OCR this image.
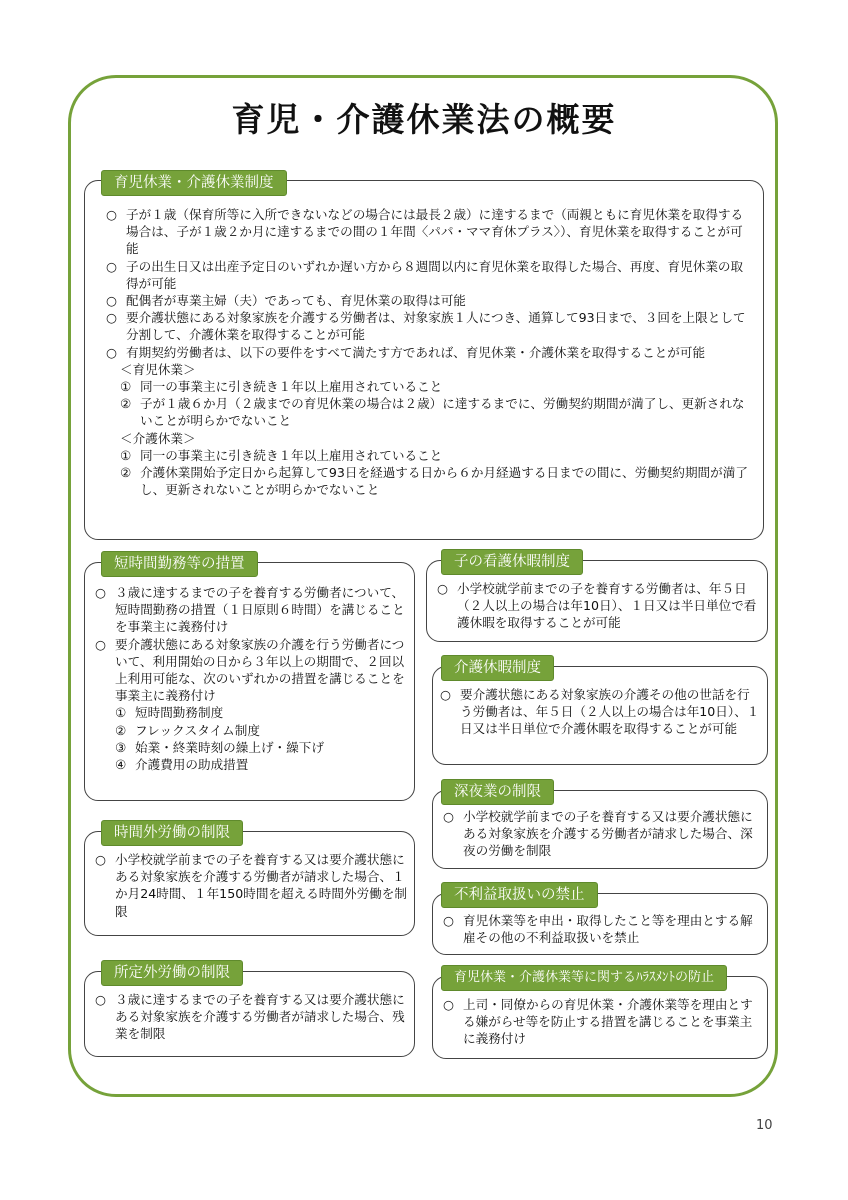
育児・介護休業法の概要
育児休業・介護休業制度
○ 子が１歳（保育所等に入所できないなどの場合には最長２歳）に達するまで（両親ともに育児休業を取得する場合は、子が１歳２か月に達するまでの間の１年間〈パパ・ママ育休プラス〉）、育児休業を取得することが可能
○ 子の出生日又は出産予定日のいずれか遅い方から８週間以内に育児休業を取得した場合、再度、育児休業の取得が可能
○ 配偶者が専業主婦（夫）であっても、育児休業の取得は可能
○ 要介護状態にある対象家族を介護する労働者は、対象家族１人につき、通算して93日まで、３回を上限として分割して、介護休業を取得することが可能
○ 有期契約労働者は、以下の要件をすべて満たす方であれば、育児休業・介護休業を取得することが可能
＜育児休業＞
① 同一の事業主に引き続き１年以上雇用されていること
② 子が１歳６か月（２歳までの育児休業の場合は２歳）に達するまでに、労働契約期間が満了し、更新されないことが明らかでないこと
＜介護休業＞
① 同一の事業主に引き続き１年以上雇用されていること
② 介護休業開始予定日から起算して93日を経過する日から６か月経過する日までの間に、労働契約期間が満了し、更新されないことが明らかでないこと
短時間勤務等の措置
○ ３歳に達するまでの子を養育する労働者について、短時間勤務の措置（１日原則６時間）を講じることを事業主に義務付け
○ 要介護状態にある対象家族の介護を行う労働者について、利用開始の日から３年以上の期間で、２回以上利用可能な、次のいずれかの措置を講じることを事業主に義務付け
① 短時間勤務制度
② フレックスタイム制度
③ 始業・終業時刻の繰上げ・繰下げ
④ 介護費用の助成措置
時間外労働の制限
○ 小学校就学前までの子を養育する又は要介護状態にある対象家族を介護する労働者が請求した場合、１か月24時間、１年150時間を超える時間外労働を制限
所定外労働の制限
○ ３歳に達するまでの子を養育する又は要介護状態にある対象家族を介護する労働者が請求した場合、残業を制限
子の看護休暇制度
○ 小学校就学前までの子を養育する労働者は、年５日（２人以上の場合は年10日）、１日又は半日単位で看護休暇を取得することが可能
介護休暇制度
○ 要介護状態にある対象家族の介護その他の世話を行う労働者は、年５日（２人以上の場合は年10日）、１日又は半日単位で介護休暇を取得することが可能
深夜業の制限
○ 小学校就学前までの子を養育する又は要介護状態にある対象家族を介護する労働者が請求した場合、深夜の労働を制限
不利益取扱いの禁止
○ 育児休業等を申出・取得したこと等を理由とする解雇その他の不利益取扱いを禁止
育児休業・介護休業等に関するﾊﾗｽﾒﾝﾄの防止
○ 上司・同僚からの育児休業・介護休業等を理由とする嫌がらせ等を防止する措置を講じることを事業主に義務付け
10
